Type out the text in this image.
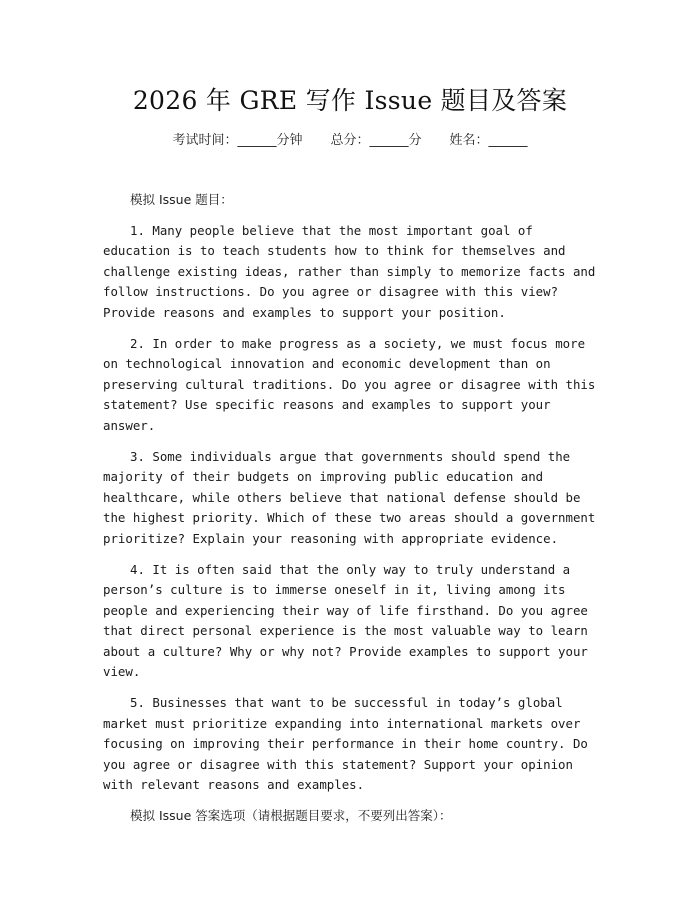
2026 年 GRE 写作 Issue 题目及答案
考试时间：______分钟 总分：______分 姓名：______

模拟 Issue 题目：

1. Many people believe that the most important goal of education is to teach students how to think for themselves and challenge existing ideas, rather than simply to memorize facts and follow instructions. Do you agree or disagree with this view? Provide reasons and examples to support your position.

2. In order to make progress as a society, we must focus more on technological innovation and economic development than on preserving cultural traditions. Do you agree or disagree with this statement? Use specific reasons and examples to support your answer.

3. Some individuals argue that governments should spend the majority of their budgets on improving public education and healthcare, while others believe that national defense should be the highest priority. Which of these two areas should a government prioritize? Explain your reasoning with appropriate evidence.

4. It is often said that the only way to truly understand a person’s culture is to immerse oneself in it, living among its people and experiencing their way of life firsthand. Do you agree that direct personal experience is the most valuable way to learn about a culture? Why or why not? Provide examples to support your view.

5. Businesses that want to be successful in today’s global market must prioritize expanding into international markets over focusing on improving their performance in their home country. Do you agree or disagree with this statement? Support your opinion with relevant reasons and examples.

模拟 Issue 答案选项（请根据题目要求，不要列出答案）：
